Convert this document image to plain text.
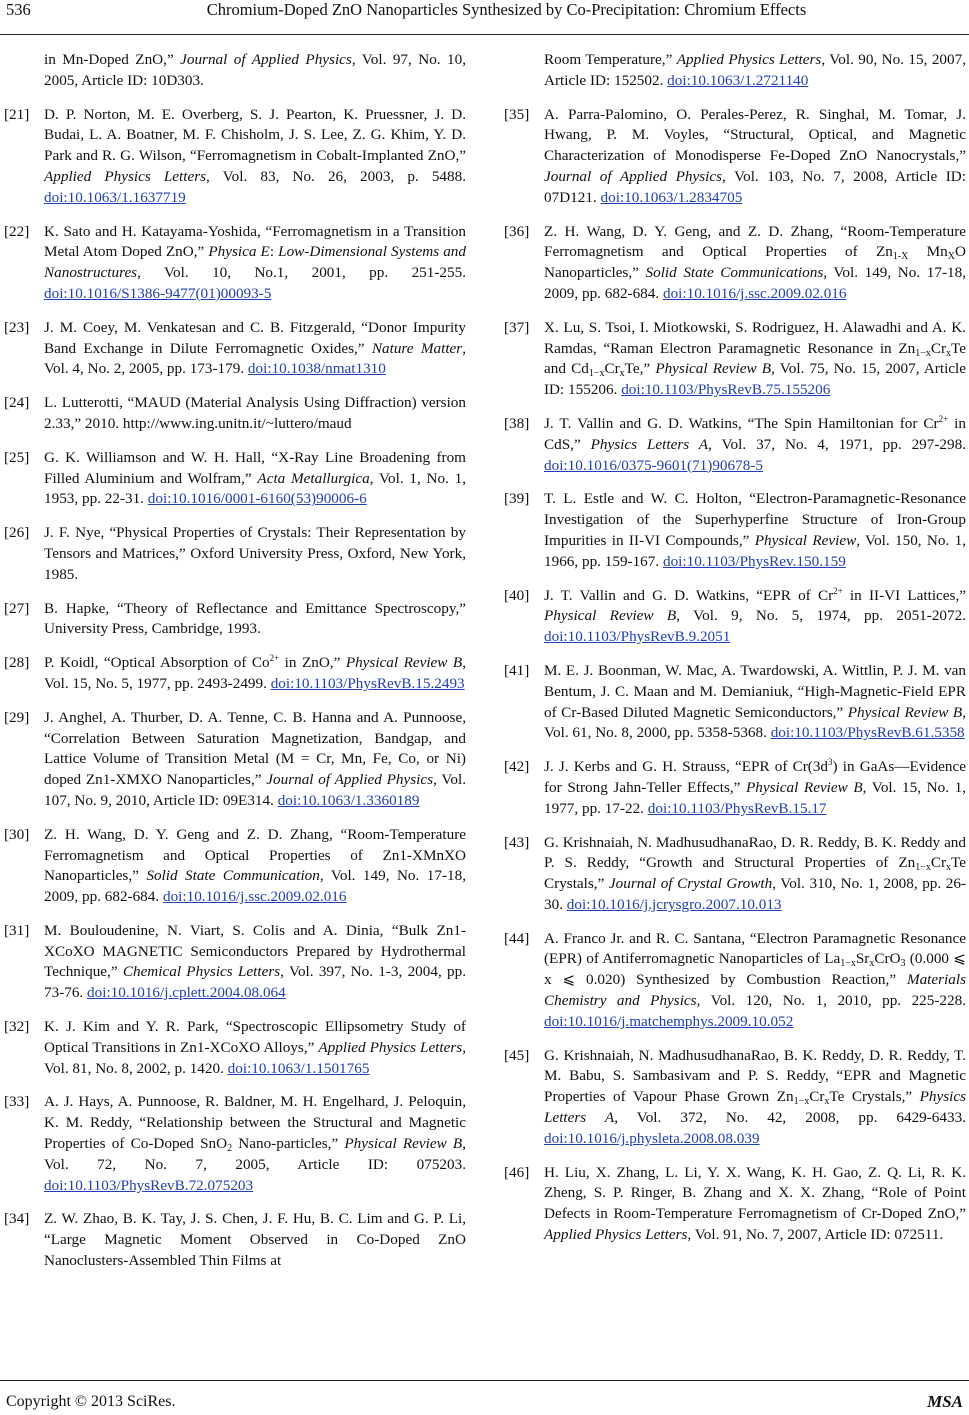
536	Chromium-Doped ZnO Nanoparticles Synthesized by Co-Precipitation: Chromium Effects
in Mn-Doped ZnO,” Journal of Applied Physics, Vol. 97, No. 10, 2005, Article ID: 10D303.
[21] D. P. Norton, M. E. Overberg, S. J. Pearton, K. Pruessner, J. D. Budai, L. A. Boatner, M. F. Chisholm, J. S. Lee, Z. G. Khim, Y. D. Park and R. G. Wilson, “Ferromagnetism in Cobalt-Implanted ZnO,” Applied Physics Letters, Vol. 83, No. 26, 2003, p. 5488. doi:10.1063/1.1637719
[22] K. Sato and H. Katayama-Yoshida, “Ferromagnetism in a Transition Metal Atom Doped ZnO,” Physica E: Low-Dimensional Systems and Nanostructures, Vol. 10, No.1, 2001, pp. 251-255. doi:10.1016/S1386-9477(01)00093-5
[23] J. M. Coey, M. Venkatesan and C. B. Fitzgerald, “Donor Impurity Band Exchange in Dilute Ferromagnetic Oxides,” Nature Matter, Vol. 4, No. 2, 2005, pp. 173-179. doi:10.1038/nmat1310
[24] L. Lutterotti, “MAUD (Material Analysis Using Diffraction) version 2.33,” 2010. http://www.ing.unitn.it/~luttero/maud
[25] G. K. Williamson and W. H. Hall, “X-Ray Line Broadening from Filled Aluminium and Wolfram,” Acta Metallurgica, Vol. 1, No. 1, 1953, pp. 22-31. doi:10.1016/0001-6160(53)90006-6
[26] J. F. Nye, “Physical Properties of Crystals: Their Representation by Tensors and Matrices,” Oxford University Press, Oxford, New York, 1985.
[27] B. Hapke, “Theory of Reflectance and Emittance Spectroscopy,” University Press, Cambridge, 1993.
[28] P. Koidl, “Optical Absorption of $Co^{2+}$ in ZnO,” Physical Review B, Vol. 15, No. 5, 1977, pp. 2493-2499. doi:10.1103/PhysRevB.15.2493
[29] J. Anghel, A. Thurber, D. A. Tenne, C. B. Hanna and A. Punnoose, “Correlation Between Saturation Magnetization, Bandgap, and Lattice Volume of Transition Metal (M = Cr, Mn, Fe, Co, or Ni) doped Zn1-XMXO Nanoparticles,” Journal of Applied Physics, Vol. 107, No. 9, 2010, Article ID: 09E314. doi:10.1063/1.3360189
[30] Z. H. Wang, D. Y. Geng and Z. D. Zhang, “Room-Temperature Ferromagnetism and Optical Properties of Zn1-XMnXO Nanoparticles,” Solid State Communication, Vol. 149, No. 17-18, 2009, pp. 682-684. doi:10.1016/j.ssc.2009.02.016
[31] M. Bouloudenine, N. Viart, S. Colis and A. Dinia, “Bulk Zn1-XCoXO MAGNETIC Semiconductors Prepared by Hydrothermal Technique,” Chemical Physics Letters, Vol. 397, No. 1-3, 2004, pp. 73-76. doi:10.1016/j.cplett.2004.08.064
[32] K. J. Kim and Y. R. Park, “Spectroscopic Ellipsometry Study of Optical Transitions in Zn1-XCoXO Alloys,” Applied Physics Letters, Vol. 81, No. 8, 2002, p. 1420. doi:10.1063/1.1501765
[33] A. J. Hays, A. Punnoose, R. Baldner, M. H. Engelhard, J. Peloquin, K. M. Reddy, “Relationship between the Structural and Magnetic Properties of Co-Doped SnO$_2$ Nano-particles,” Physical Review B, Vol. 72, No. 7, 2005, Article ID: 075203. doi:10.1103/PhysRevB.72.075203
[34] Z. W. Zhao, B. K. Tay, J. S. Chen, J. F. Hu, B. C. Lim and G. P. Li, “Large Magnetic Moment Observed in Co-Doped ZnO Nanoclusters-Assembled Thin Films at
Room Temperature,” Applied Physics Letters, Vol. 90, No. 15, 2007, Article ID: 152502. doi:10.1063/1.2721140
[35] A. Parra-Palomino, O. Perales-Perez, R. Singhal, M. Tomar, J. Hwang, P. M. Voyles, “Structural, Optical, and Magnetic Characterization of Monodisperse Fe-Doped ZnO Nanocrystals,” Journal of Applied Physics, Vol. 103, No. 7, 2008, Article ID: 07D121. doi:10.1063/1.2834705
[36] Z. H. Wang, D. Y. Geng, and Z. D. Zhang, “Room-Temperature Ferromagnetism and Optical Properties of $Zn_{1-X}$ $Mn_XO$ Nanoparticles,” Solid State Communications, Vol. 149, No. 17-18, 2009, pp. 682-684. doi:10.1016/j.ssc.2009.02.016
[37] X. Lu, S. Tsoi, I. Miotkowski, S. Rodriguez, H. Alawadhi and A. K. Ramdas, “Raman Electron Paramagnetic Resonance in $Zn_{1-x}Cr_xTe$ and $Cd_{1-x}Cr_xTe$,” Physical Review B, Vol. 75, No. 15, 2007, Article ID: 155206. doi:10.1103/PhysRevB.75.155206
[38] J. T. Vallin and G. D. Watkins, “The Spin Hamiltonian for $Cr^{2+}$ in CdS,” Physics Letters A, Vol. 37, No. 4, 1971, pp. 297-298. doi:10.1016/0375-9601(71)90678-5
[39] T. L. Estle and W. C. Holton, “Electron-Paramagnetic-Resonance Investigation of the Superhyperfine Structure of Iron-Group Impurities in II-VI Compounds,” Physical Review, Vol. 150, No. 1, 1966, pp. 159-167. doi:10.1103/PhysRev.150.159
[40] J. T. Vallin and G. D. Watkins, “EPR of $Cr^{2+}$ in II-VI Lattices,” Physical Review B, Vol. 9, No. 5, 1974, pp. 2051-2072. doi:10.1103/PhysRevB.9.2051
[41] M. E. J. Boonman, W. Mac, A. Twardowski, A. Wittlin, P. J. M. van Bentum, J. C. Maan and M. Demianiuk, “High-Magnetic-Field EPR of Cr-Based Diluted Magnetic Semiconductors,” Physical Review B, Vol. 61, No. 8, 2000, pp. 5358-5368. doi:10.1103/PhysRevB.61.5358
[42] J. J. Kerbs and G. H. Strauss, “EPR of $Cr(3d^3)$ in GaAs—Evidence for Strong Jahn-Teller Effects,” Physical Review B, Vol. 15, No. 1, 1977, pp. 17-22. doi:10.1103/PhysRevB.15.17
[43] G. Krishnaiah, N. MadhusudhanaRao, D. R. Reddy, B. K. Reddy and P. S. Reddy, “Growth and Structural Properties of $Zn_{1-x}Cr_xTe$ Crystals,” Journal of Crystal Growth, Vol. 310, No. 1, 2008, pp. 26-30. doi:10.1016/j.jcrysgro.2007.10.013
[44] A. Franco Jr. and R. C. Santana, “Electron Paramagnetic Resonance (EPR) of Antiferromagnetic Nanoparticles of $La_{1-x}Sr_xCrO_3$ (0.000 ⩽ x ⩽ 0.020) Synthesized by Combustion Reaction,” Materials Chemistry and Physics, Vol. 120, No. 1, 2010, pp. 225-228. doi:10.1016/j.matchemphys.2009.10.052
[45] G. Krishnaiah, N. MadhusudhanaRao, B. K. Reddy, D. R. Reddy, T. M. Babu, S. Sambasivam and P. S. Reddy, “EPR and Magnetic Properties of Vapour Phase Grown $Zn_{1-x}Cr_xTe$ Crystals,” Physics Letters A, Vol. 372, No. 42, 2008, pp. 6429-6433. doi:10.1016/j.physleta.2008.08.039
[46] H. Liu, X. Zhang, L. Li, Y. X. Wang, K. H. Gao, Z. Q. Li, R. K. Zheng, S. P. Ringer, B. Zhang and X. X. Zhang, “Role of Point Defects in Room-Temperature Ferromagnetism of Cr-Doped ZnO,” Applied Physics Letters, Vol. 91, No. 7, 2007, Article ID: 072511.
Copyright © 2013 SciRes.	MSA
